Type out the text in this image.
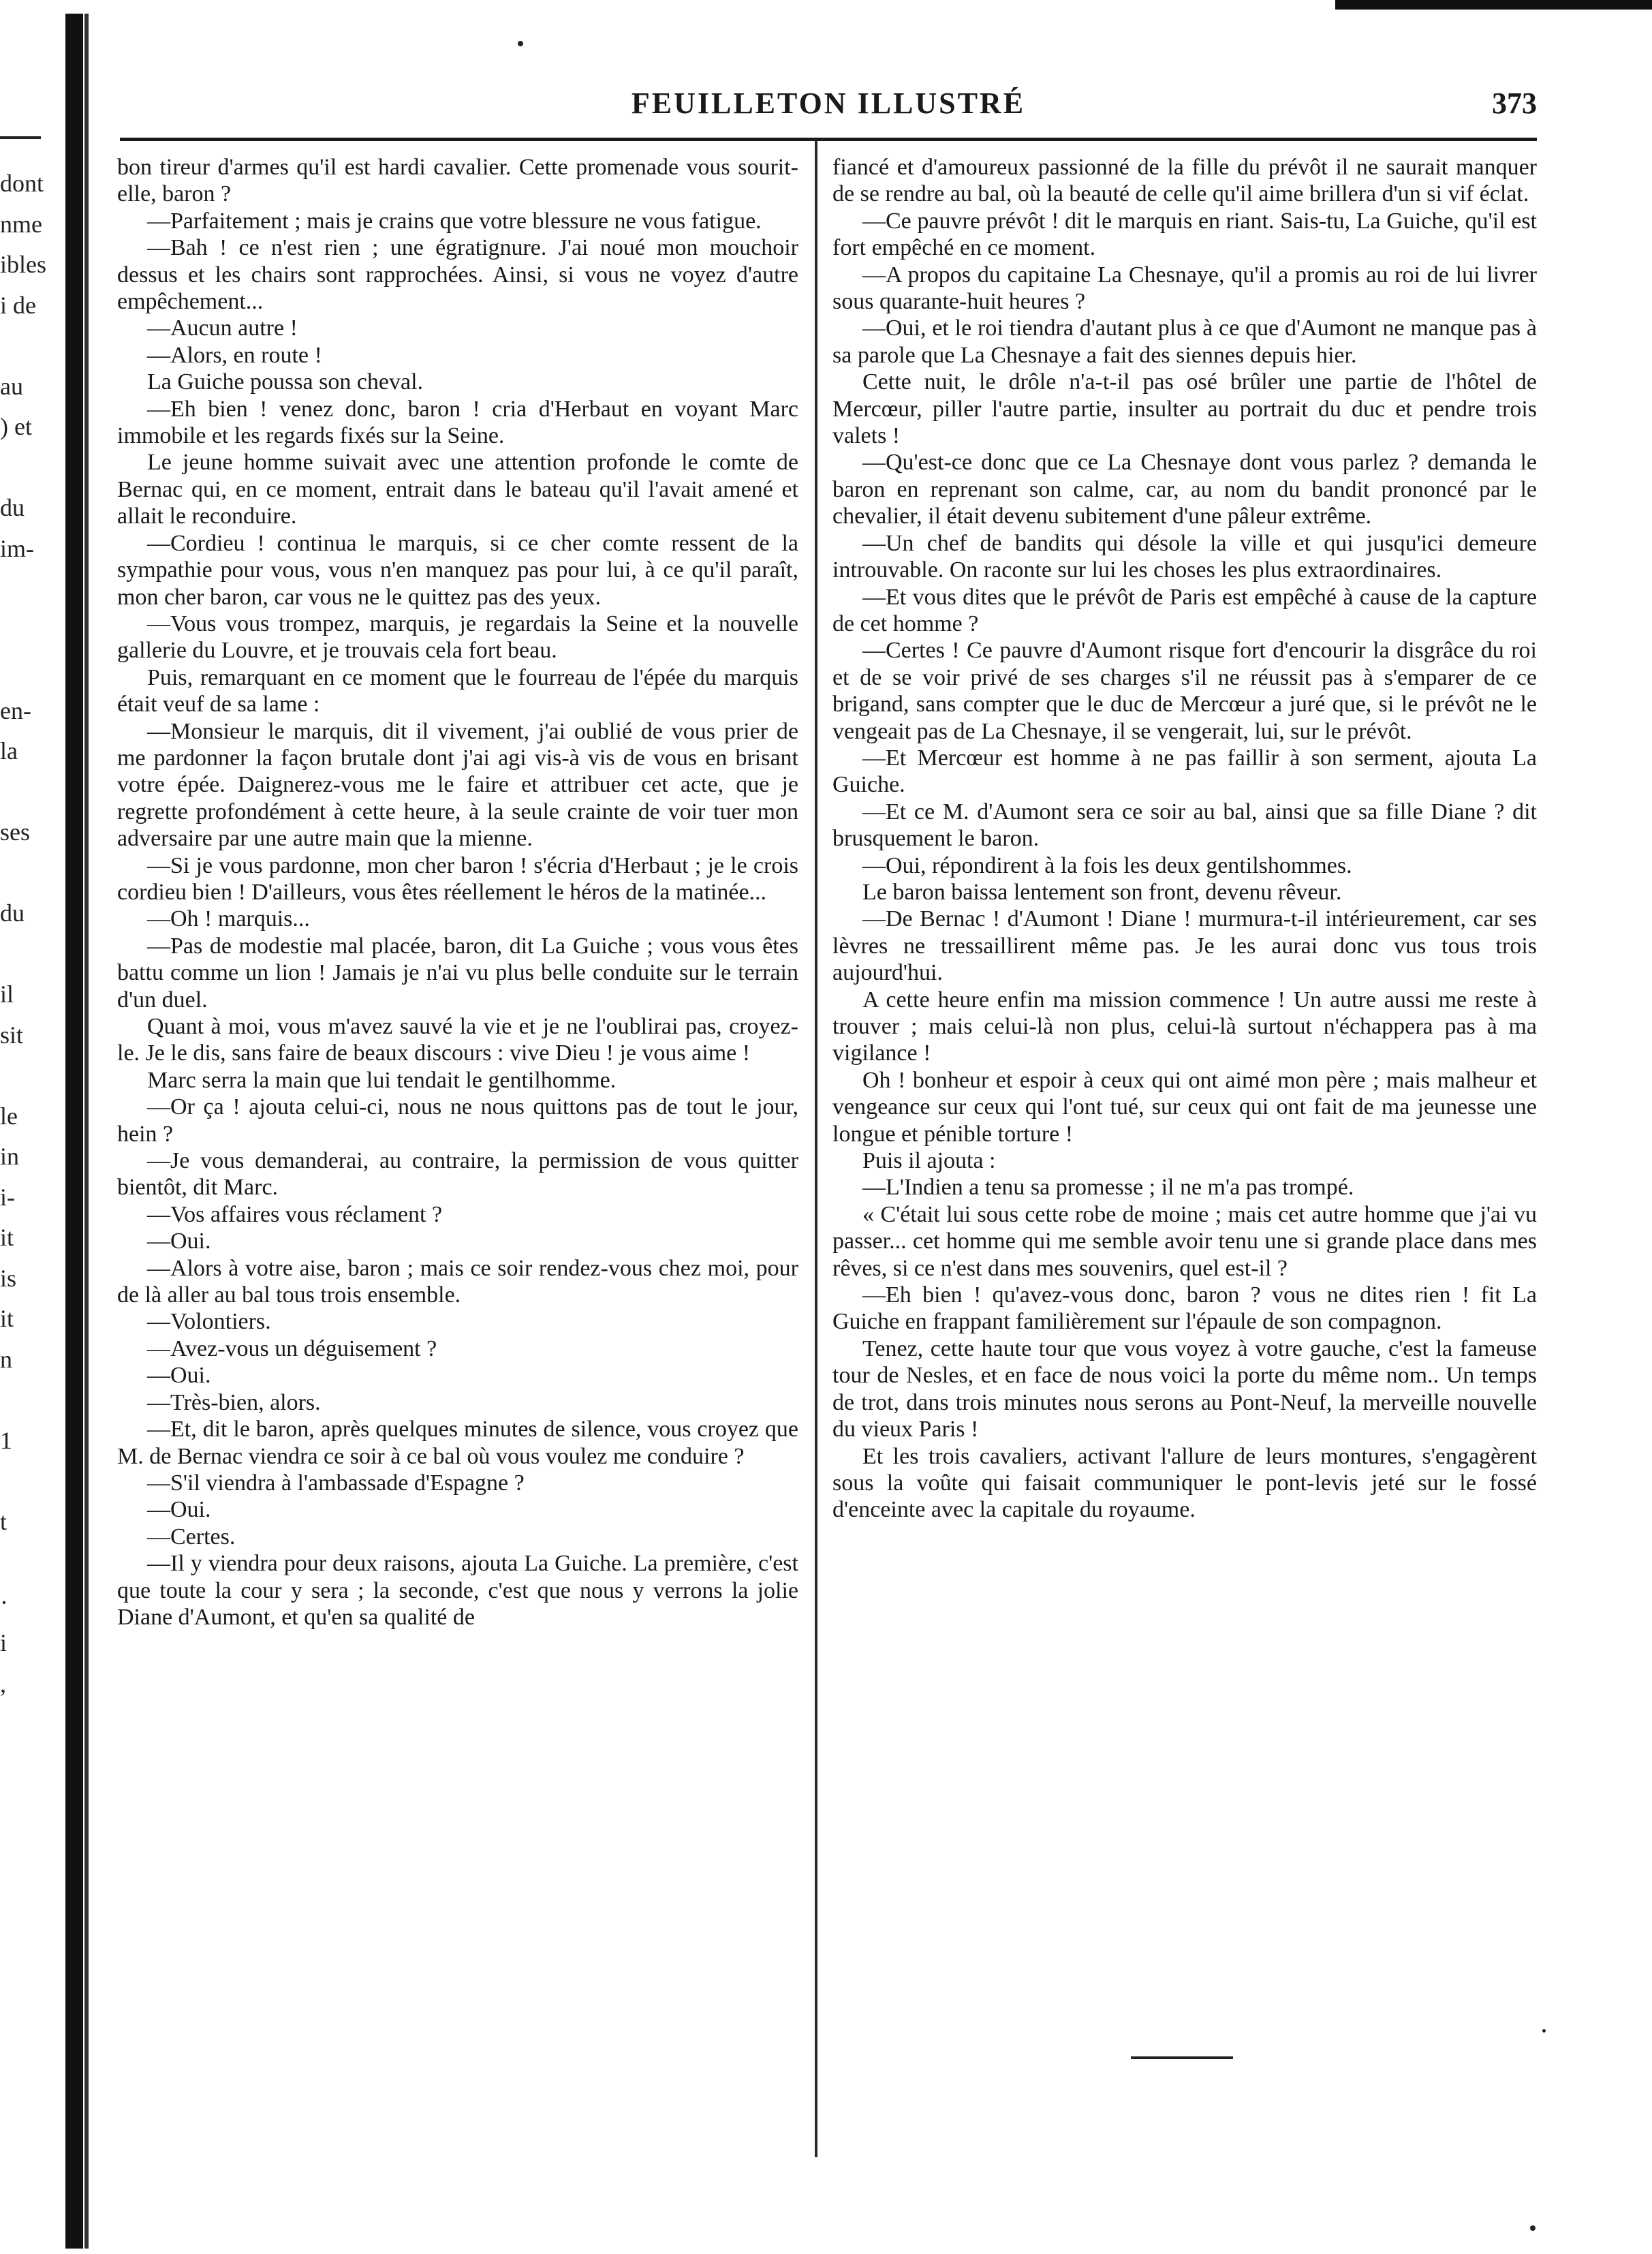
dont
nme
ibles
i de
au
) et
du
im-
en-
la
ses
du
il
sit
le
in
i-
it
is
it
n
1
t
·
i
,
FEUILLETON ILLUSTRÉ	373

bon tireur d'armes qu'il est hardi cavalier. Cette promenade vous sourit-elle, baron ?

—Parfaitement ; mais je crains que votre blessure ne vous fatigue.

—Bah ! ce n'est rien ; une égratignure. J'ai noué mon mouchoir dessus et les chairs sont rapprochées. Ainsi, si vous ne voyez d'autre empêchement...

—Aucun autre !

—Alors, en route !

La Guiche poussa son cheval.

—Eh bien ! venez donc, baron ! cria d'Herbaut en voyant Marc immobile et les regards fixés sur la Seine.

Le jeune homme suivait avec une attention profonde le comte de Bernac qui, en ce moment, entrait dans le bateau qu'il l'avait amené et allait le reconduire.

—Cordieu ! continua le marquis, si ce cher comte ressent de la sympathie pour vous, vous n'en manquez pas pour lui, à ce qu'il paraît, mon cher baron, car vous ne le quittez pas des yeux.

—Vous vous trompez, marquis, je regardais la Seine et la nouvelle gallerie du Louvre, et je trouvais cela fort beau.

Puis, remarquant en ce moment que le fourreau de l'épée du marquis était veuf de sa lame :

—Monsieur le marquis, dit il vivement, j'ai oublié de vous prier de me pardonner la façon brutale dont j'ai agi vis-à vis de vous en brisant votre épée. Daignerez-vous me le faire et attribuer cet acte, que je regrette profondément à cette heure, à la seule crainte de voir tuer mon adversaire par une autre main que la mienne.

—Si je vous pardonne, mon cher baron ! s'écria d'Herbaut ; je le crois cordieu bien ! D'ailleurs, vous êtes réellement le héros de la matinée...

—Oh ! marquis...

—Pas de modestie mal placée, baron, dit La Guiche ; vous vous êtes battu comme un lion ! Jamais je n'ai vu plus belle conduite sur le terrain d'un duel.

Quant à moi, vous m'avez sauvé la vie et je ne l'oublirai pas, croyez-le. Je le dis, sans faire de beaux discours : vive Dieu ! je vous aime !

Marc serra la main que lui tendait le gentilhomme.

—Or ça ! ajouta celui-ci, nous ne nous quittons pas de tout le jour, hein ?

—Je vous demanderai, au contraire, la permission de vous quitter bientôt, dit Marc.

—Vos affaires vous réclament ?

—Oui.

—Alors à votre aise, baron ; mais ce soir rendez-vous chez moi, pour de là aller au bal tous trois ensemble.

—Volontiers.

—Avez-vous un déguisement ?

—Oui.

—Très-bien, alors.

—Et, dit le baron, après quelques minutes de silence, vous croyez que M. de Bernac viendra ce soir à ce bal où vous voulez me conduire ?

—S'il viendra à l'ambassade d'Espagne ?

—Oui.

—Certes.

—Il y viendra pour deux raisons, ajouta La Guiche. La première, c'est que toute la cour y sera ; la seconde, c'est que nous y verrons la jolie Diane d'Aumont, et qu'en sa qualité de

fiancé et d'amoureux passionné de la fille du prévôt il ne saurait manquer de se rendre au bal, où la beauté de celle qu'il aime brillera d'un si vif éclat.

—Ce pauvre prévôt ! dit le marquis en riant. Sais-tu, La Guiche, qu'il est fort empêché en ce moment.

—A propos du capitaine La Chesnaye, qu'il a promis au roi de lui livrer sous quarante-huit heures ?

—Oui, et le roi tiendra d'autant plus à ce que d'Aumont ne manque pas à sa parole que La Chesnaye a fait des siennes depuis hier.

Cette nuit, le drôle n'a-t-il pas osé brûler une partie de l'hôtel de Mercœur, piller l'autre partie, insulter au portrait du duc et pendre trois valets !

—Qu'est-ce donc que ce La Chesnaye dont vous parlez ? demanda le baron en reprenant son calme, car, au nom du bandit prononcé par le chevalier, il était devenu subitement d'une pâleur extrême.

—Un chef de bandits qui désole la ville et qui jusqu'ici demeure introuvable. On raconte sur lui les choses les plus extraordinaires.

—Et vous dites que le prévôt de Paris est empêché à cause de la capture de cet homme ?

—Certes ! Ce pauvre d'Aumont risque fort d'encourir la disgrâce du roi et de se voir privé de ses charges s'il ne réussit pas à s'emparer de ce brigand, sans compter que le duc de Mercœur a juré que, si le prévôt ne le vengeait pas de La Chesnaye, il se vengerait, lui, sur le prévôt.

—Et Mercœur est homme à ne pas faillir à son serment, ajouta La Guiche.

—Et ce M. d'Aumont sera ce soir au bal, ainsi que sa fille Diane ? dit brusquement le baron.

—Oui, répondirent à la fois les deux gentilshommes.

Le baron baissa lentement son front, devenu rêveur.

—De Bernac ! d'Aumont ! Diane ! murmura-t-il intérieurement, car ses lèvres ne tressaillirent même pas. Je les aurai donc vus tous trois aujourd'hui.

A cette heure enfin ma mission commence ! Un autre aussi me reste à trouver ; mais celui-là non plus, celui-là surtout n'échappera pas à ma vigilance !

Oh ! bonheur et espoir à ceux qui ont aimé mon père ; mais malheur et vengeance sur ceux qui l'ont tué, sur ceux qui ont fait de ma jeunesse une longue et pénible torture !

Puis il ajouta :

—L'Indien a tenu sa promesse ; il ne m'a pas trompé.

« C'était lui sous cette robe de moine ; mais cet autre homme que j'ai vu passer... cet homme qui me semble avoir tenu une si grande place dans mes rêves, si ce n'est dans mes souvenirs, quel est-il ?

—Eh bien ! qu'avez-vous donc, baron ? vous ne dites rien ! fit La Guiche en frappant familièrement sur l'épaule de son compagnon.

Tenez, cette haute tour que vous voyez à votre gauche, c'est la fameuse tour de Nesles, et en face de nous voici la porte du même nom.. Un temps de trot, dans trois minutes nous serons au Pont-Neuf, la merveille nouvelle du vieux Paris !

Et les trois cavaliers, activant l'allure de leurs montures, s'engagèrent sous la voûte qui faisait communiquer le pont-levis jeté sur le fossé d'enceinte avec la capitale du royaume.
